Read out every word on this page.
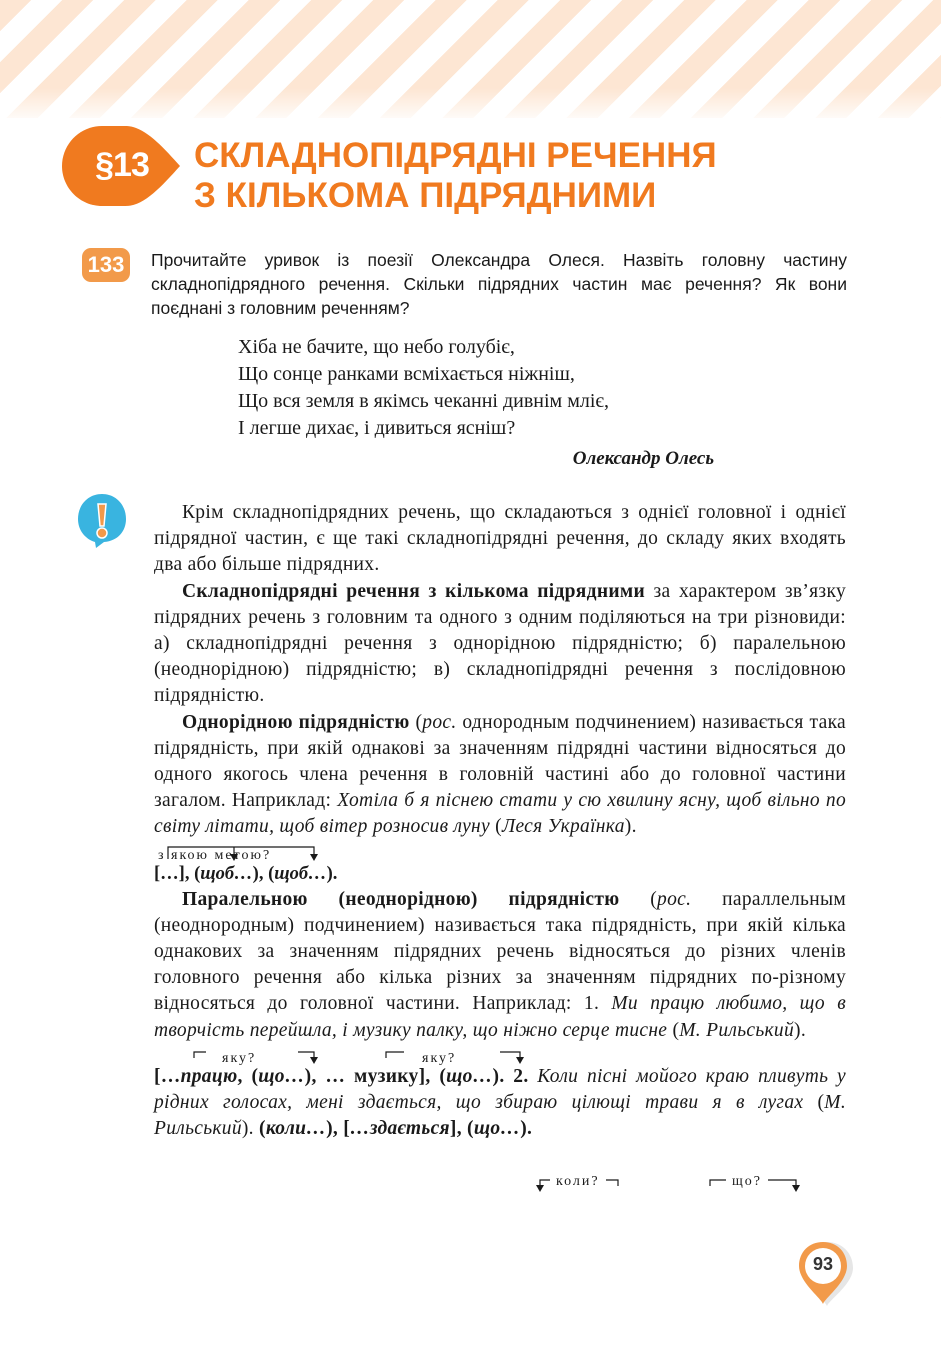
§13	СКЛАДНОПІДРЯДНІ РЕЧЕННЯ
З КІЛЬКОМА ПІДРЯДНИМИ
133	Прочитайте уривок із поезії Олександра Олеся. Назвіть головну частину складнопідрядного речення. Скільки підрядних частин має речення? Як вони поєднані з головним реченням?

Хіба не бачите, що небо голубіє,
Що сонце ранками всміхається ніжніш,
Що вся земля в якімсь чеканні дивнім мліє,
І легше дихає, і дивиться ясніш?
Олександр Олесь

Крім складнопідрядних речень, що складаються з однієї головної і однієї підрядної частин, є ще такі складнопідрядні речення, до складу яких входять два або більше підрядних.

Складнопідрядні речення з кількома підрядними за характером зв’язку підрядних речень з головним та одного з одним поділяються на три різновиди: а) складнопідрядні речення з однорідною підрядністю; б) паралельною (неоднорідною) підрядністю; в) складнопідрядні речення з послідовною підрядністю.

Однорідною підрядністю (рос. однородным подчинением) називається така підрядність, при якій однакові за значенням підрядні частини відносяться до одного якогось члена речення в головній частині або до головної частини загалом. Наприклад: Хотіла б я піснею стати у сю хвилину ясну, щоб вільно по світу літати, щоб вітер розносив луну (Леся Українка).

з якою метою?
[…], (щоб…), (щоб…).

Паралельною (неоднорідною) підрядністю (рос. параллельным (неоднородным) подчинением) називається така підрядність, при якій кілька однакових за значенням підрядних речень відносяться до різних членів головного речення або кілька різних за значенням підрядних по-різному відносяться до головної частини. Наприклад: 1. Ми працю любимо, що в творчість перейшла, і музику палку, що ніжно серце тисне (М. Рильський).

яку?	яку?

[…працю, (що…), … музику], (що…). 2. Коли пісні мойого краю пливуть у рідних голосах, мені здається, що збираю цілющі трави я в лугах (М. Рильський). (коли…), […здається], (що…).

коли?	що?
93
